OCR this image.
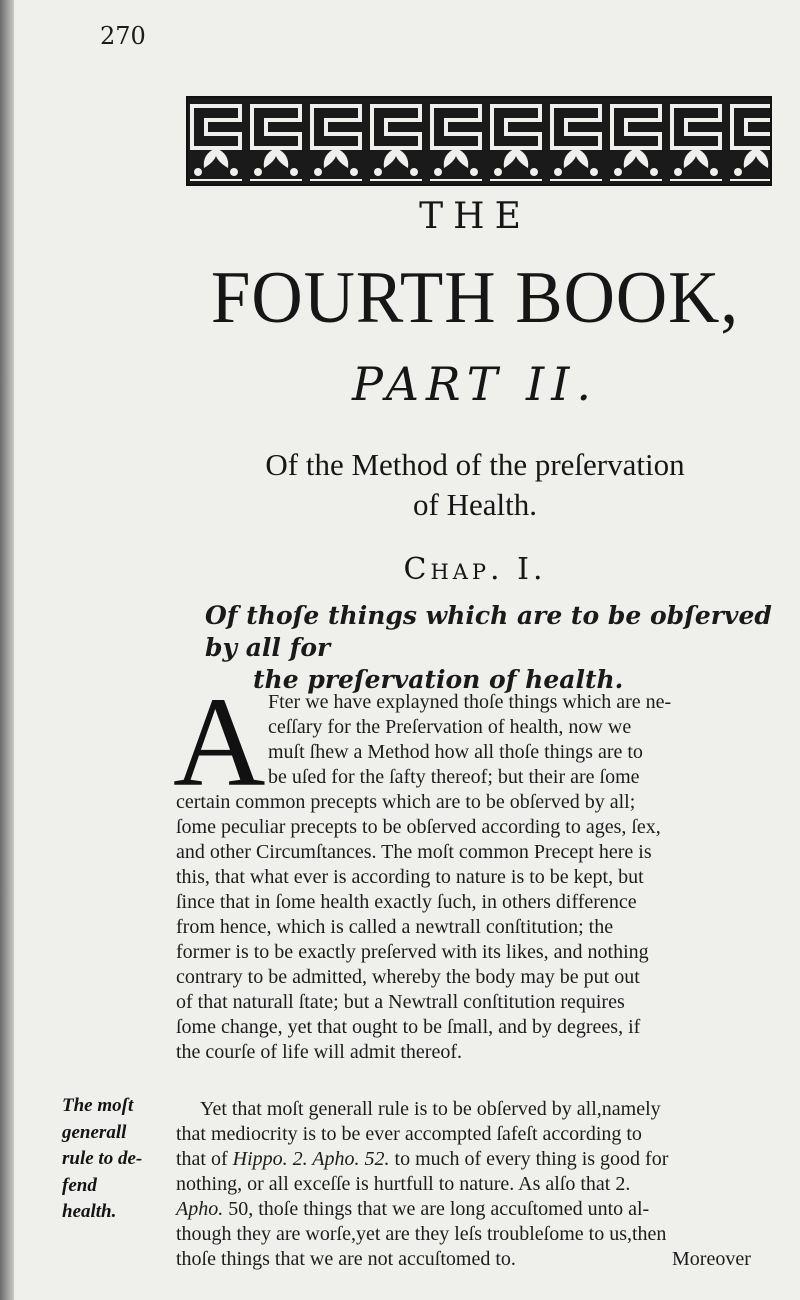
270
THE
FOURTH BOOK,
PART II.
Of the Method of the preſervation
of Health.
Chap. I.
Of thoſe things which are to be obſerved by all for
the preſervation of health.
A Fter we have explayned thoſe things which are ne-
ceſſary for the Preſervation of health, now we
muſt ſhew a Method how all thoſe things are to
be uſed for the ſafty thereof; but their are ſome
certain common precepts which are to be obſerved by all;
ſome peculiar precepts to be obſerved according to ages, ſex,
and other Circumſtances. The moſt common Precept here is
this, that what ever is according to nature is to be kept, but
ſince that in ſome health exactly ſuch, in others difference
from hence, which is called a newtrall conſtitution; the
former is to be exactly preſerved with its likes, and nothing
contrary to be admitted, whereby the body may be put out
of that naturall ſtate; but a Newtrall conſtitution requires
ſome change, yet that ought to be ſmall, and by degrees, if
the courſe of life will admit thereof.
Yet that moſt generall rule is to be obſerved by all,namely
that mediocrity is to be ever accompted ſafeſt according to
that of Hippo. 2. Apho. 52. to much of every thing is good for
nothing, or all exceſſe is hurtfull to nature. As alſo that 2.
Apho. 50, thoſe things that we are long accuſtomed unto al-
though they are worſe,yet are they leſs troubleſome to us,then
thoſe things that we are not accuſtomed to.	Moreover
The moſt
generall
rule to de-
fend
health.
